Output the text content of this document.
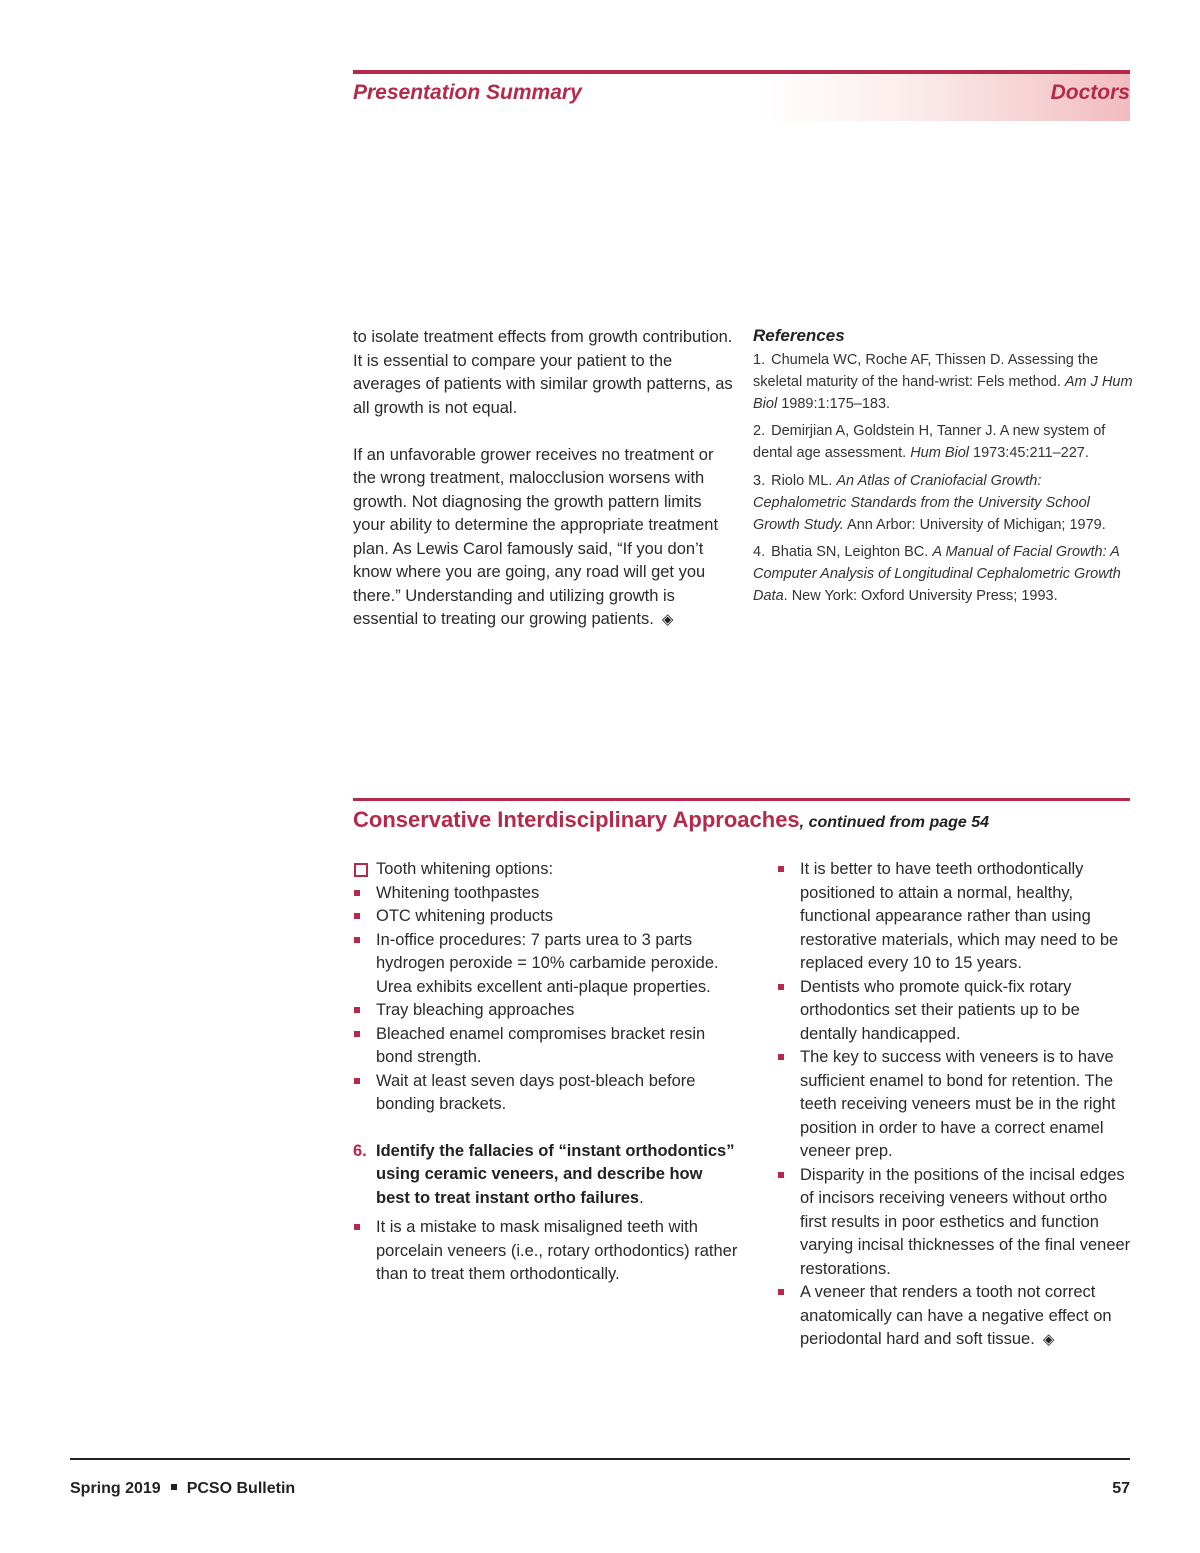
Presentation Summary	Doctors

to isolate treatment effects from growth contribution. It is essential to compare your patient to the averages of patients with similar growth patterns, as all growth is not equal.

If an unfavorable grower receives no treatment or the wrong treatment, malocclusion worsens with growth. Not diagnosing the growth pattern limits your ability to determine the appropriate treatment plan. As Lewis Carol famously said, “If you don’t know where you are going, any road will get you there.” Understanding and utilizing growth is essential to treating our growing patients. ◈

References
1. Chumela WC, Roche AF, Thissen D. Assessing the skeletal maturity of the hand-wrist: Fels method. Am J Hum Biol 1989:1:175–183.
2. Demirjian A, Goldstein H, Tanner J. A new system of dental age assessment. Hum Biol 1973:45:211–227.
3. Riolo ML. An Atlas of Craniofacial Growth: Cephalometric Standards from the University School Growth Study. Ann Arbor: University of Michigan; 1979.
4. Bhatia SN, Leighton BC. A Manual of Facial Growth: A Computer Analysis of Longitudinal Cephalometric Growth Data. New York: Oxford University Press; 1993.
Conservative Interdisciplinary Approaches, continued from page 54
Tooth whitening options:
Whitening toothpastes
OTC whitening products
In-office procedures: 7 parts urea to 3 parts hydrogen peroxide = 10% carbamide peroxide. Urea exhibits excellent anti-plaque properties.
Tray bleaching approaches
Bleached enamel compromises bracket resin bond strength.
Wait at least seven days post-bleach before bonding brackets.
6. Identify the fallacies of “instant orthodontics” using ceramic veneers, and describe how best to treat instant ortho failures.
It is a mistake to mask misaligned teeth with porcelain veneers (i.e., rotary orthodontics) rather than to treat them orthodontically.
It is better to have teeth orthodontically positioned to attain a normal, healthy, functional appearance rather than using restorative materials, which may need to be replaced every 10 to 15 years.
Dentists who promote quick-fix rotary orthodontics set their patients up to be dentally handicapped.
The key to success with veneers is to have sufficient enamel to bond for retention. The teeth receiving veneers must be in the right position in order to have a correct enamel veneer prep.
Disparity in the positions of the incisal edges of incisors receiving veneers without ortho first results in poor esthetics and function varying incisal thicknesses of the final veneer restorations.
A veneer that renders a tooth not correct anatomically can have a negative effect on periodontal hard and soft tissue. ◈
Spring 2019 PCSO Bulletin	57
